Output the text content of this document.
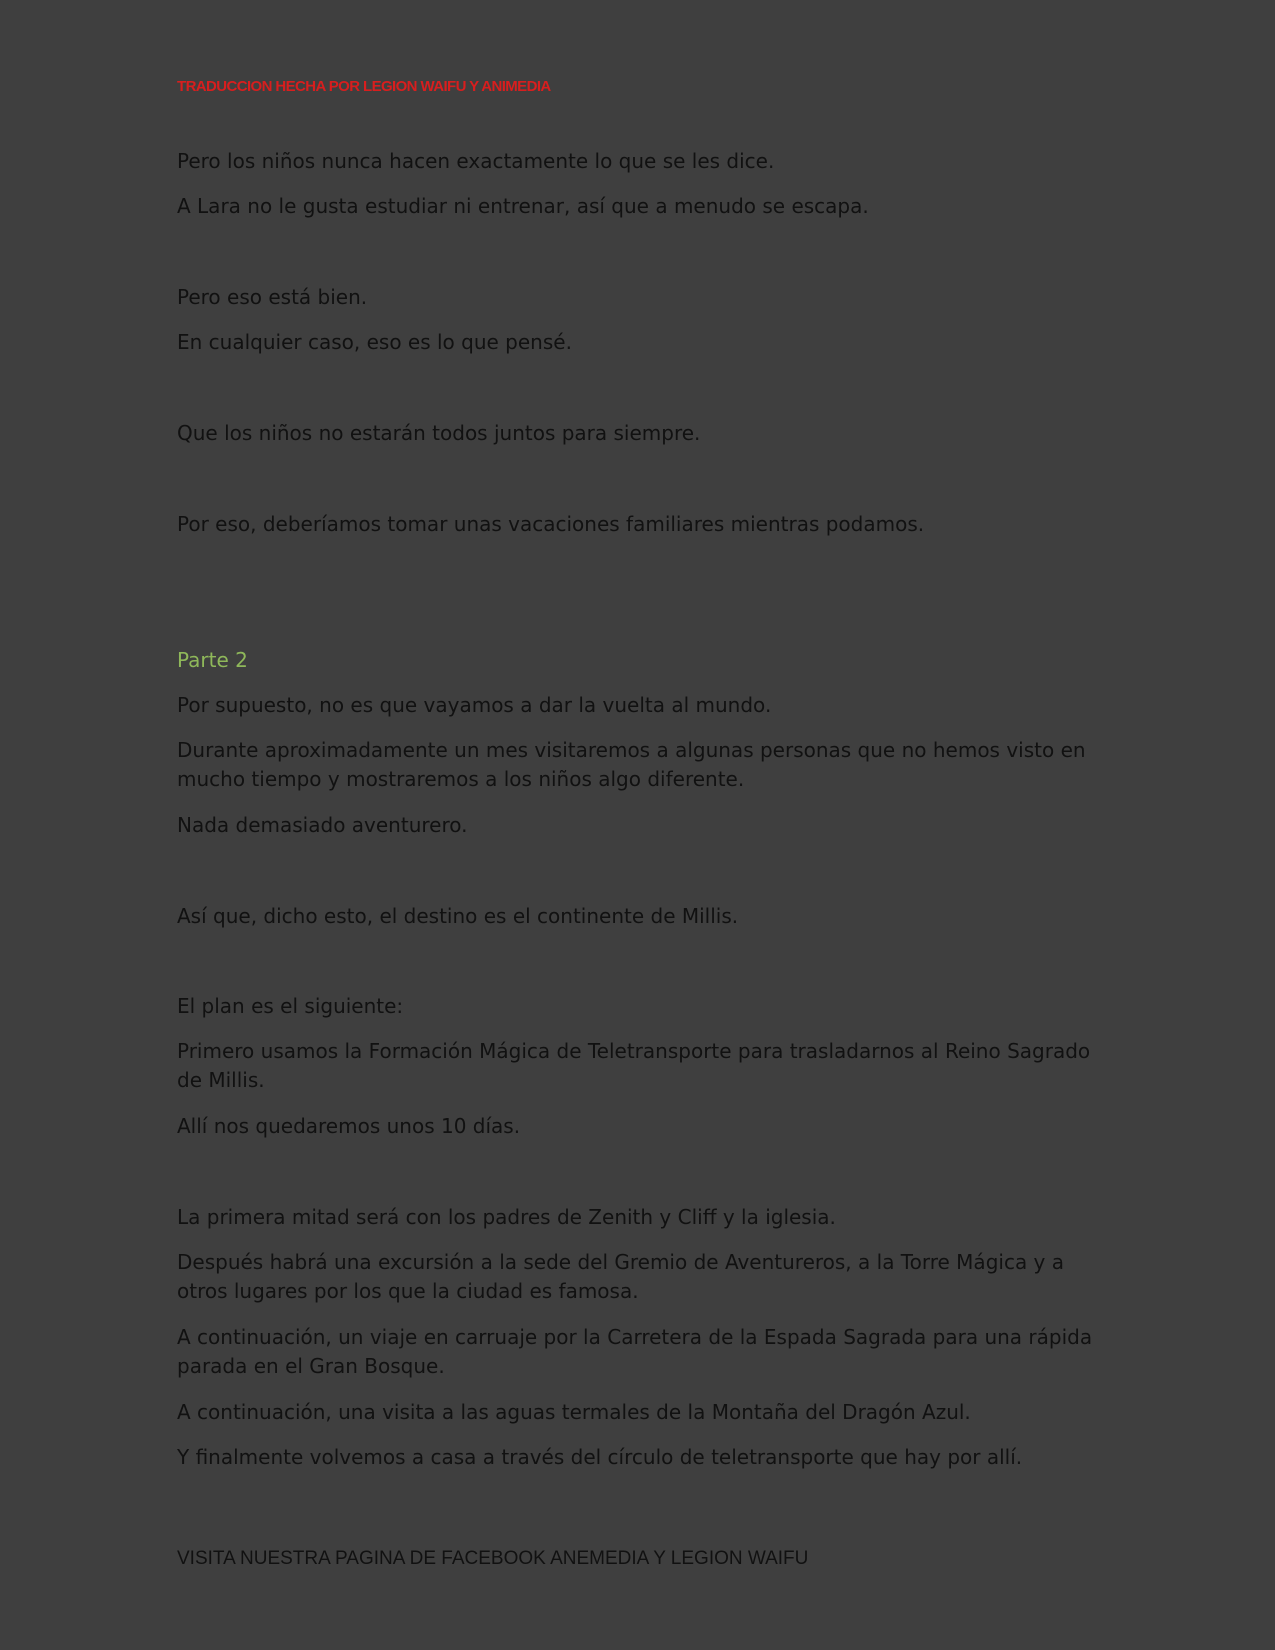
TRADUCCION HECHA POR LEGION WAIFU Y ANIMEDIA
Pero los niños nunca hacen exactamente lo que se les dice.
A Lara no le gusta estudiar ni entrenar, así que a menudo se escapa.
Pero eso está bien.
En cualquier caso, eso es lo que pensé.
Que los niños no estarán todos juntos para siempre.
Por eso, deberíamos tomar unas vacaciones familiares mientras podamos.
Parte 2
Por supuesto, no es que vayamos a dar la vuelta al mundo.
Durante aproximadamente un mes visitaremos a algunas personas que no hemos visto en mucho tiempo y mostraremos a los niños algo diferente.
Nada demasiado aventurero.
Así que, dicho esto, el destino es el continente de Millis.
El plan es el siguiente:
Primero usamos la Formación Mágica de Teletransporte para trasladarnos al Reino Sagrado de Millis.
Allí nos quedaremos unos 10 días.
La primera mitad será con los padres de Zenith y Cliff y la iglesia.
Después habrá una excursión a la sede del Gremio de Aventureros, a la Torre Mágica y a otros lugares por los que la ciudad es famosa.
A continuación, un viaje en carruaje por la Carretera de la Espada Sagrada para una rápida parada en el Gran Bosque.
A continuación, una visita a las aguas termales de la Montaña del Dragón Azul.
Y finalmente volvemos a casa a través del círculo de teletransporte que hay por allí.
VISITA NUESTRA PAGINA DE FACEBOOK ANEMEDIA Y LEGION WAIFU
